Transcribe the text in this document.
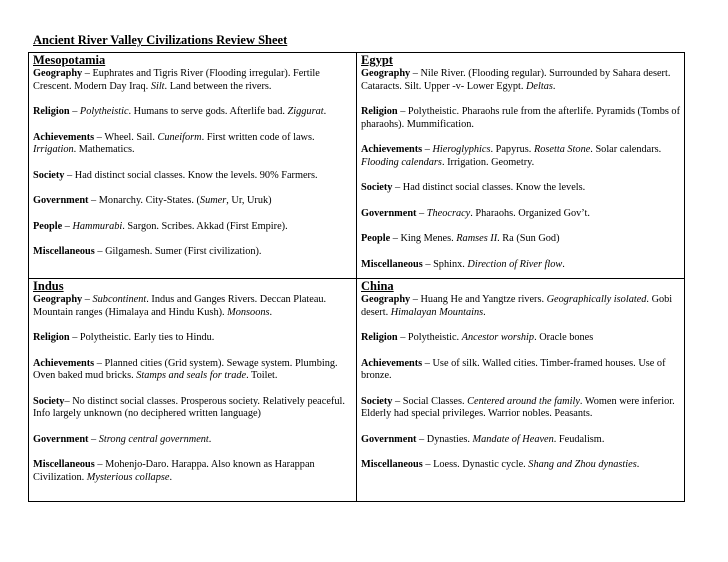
Ancient River Valley Civilizations Review Sheet
Mesopotamia
Geography – Euphrates and Tigris River (Flooding irregular). Fertile Crescent. Modern Day Iraq. Silt. Land between the rivers.
Religion – Polytheistic. Humans to serve gods. Afterlife bad. Ziggurat.
Achievements – Wheel. Sail. Cuneiform. First written code of laws. Irrigation. Mathematics.
Society – Had distinct social classes. Know the levels. 90% Farmers.
Government – Monarchy. City-States. (Sumer, Ur, Uruk)
People – Hammurabi. Sargon. Scribes. Akkad (First Empire).
Miscellaneous – Gilgamesh. Sumer (First civilization).
Egypt
Geography – Nile River. (Flooding regular). Surrounded by Sahara desert. Cataracts. Silt. Upper -v- Lower Egypt. Deltas.
Religion – Polytheistic. Pharaohs rule from the afterlife. Pyramids (Tombs of pharaohs). Mummification.
Achievements – Hieroglyphics. Papyrus. Rosetta Stone. Solar calendars. Flooding calendars. Irrigation. Geometry.
Society – Had distinct social classes. Know the levels.
Government – Theocracy. Pharaohs. Organized Gov’t.
People – King Menes. Ramses II. Ra (Sun God)
Miscellaneous – Sphinx. Direction of River flow.
Indus
Geography – Subcontinent. Indus and Ganges Rivers. Deccan Plateau. Mountain ranges (Himalaya and Hindu Kush). Monsoons.
Religion – Polytheistic. Early ties to Hindu.
Achievements – Planned cities (Grid system). Sewage system. Plumbing. Oven baked mud bricks. Stamps and seals for trade. Toilet.
Society– No distinct social classes. Prosperous society. Relatively peaceful. Info largely unknown (no deciphered written language)
Government – Strong central government.
Miscellaneous – Mohenjo-Daro. Harappa. Also known as Harappan Civilization. Mysterious collapse.
China
Geography – Huang He and Yangtze rivers. Geographically isolated. Gobi desert. Himalayan Mountains.
Religion – Polytheistic. Ancestor worship. Oracle bones
Achievements – Use of silk. Walled cities. Timber-framed houses. Use of bronze.
Society – Social Classes. Centered around the family. Women were inferior. Elderly had special privileges. Warrior nobles. Peasants.
Government – Dynasties. Mandate of Heaven. Feudalism.
Miscellaneous – Loess. Dynastic cycle. Shang and Zhou dynasties.
